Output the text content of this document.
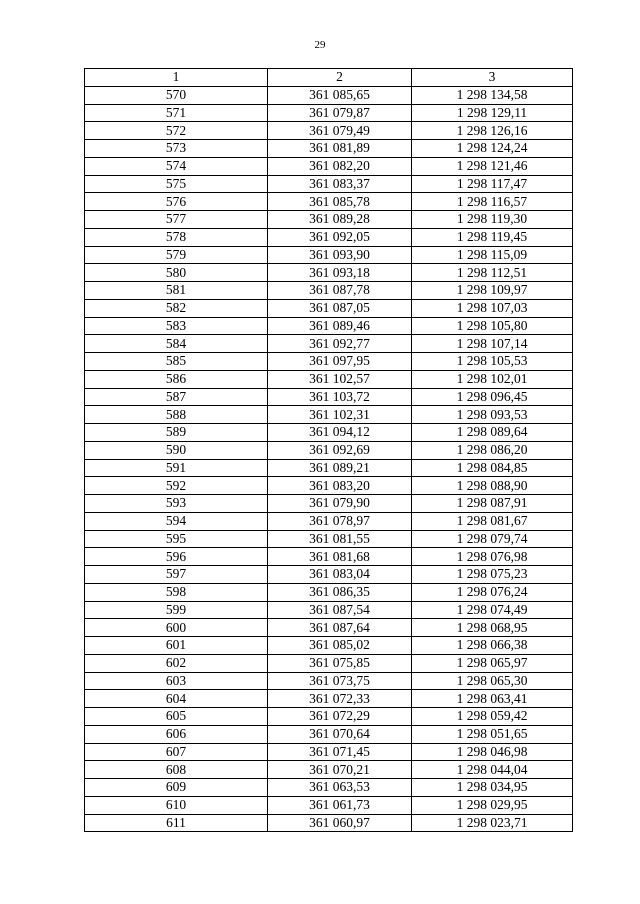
29
1	2	3
570	361 085,65	1 298 134,58
571	361 079,87	1 298 129,11
572	361 079,49	1 298 126,16
573	361 081,89	1 298 124,24
574	361 082,20	1 298 121,46
575	361 083,37	1 298 117,47
576	361 085,78	1 298 116,57
577	361 089,28	1 298 119,30
578	361 092,05	1 298 119,45
579	361 093,90	1 298 115,09
580	361 093,18	1 298 112,51
581	361 087,78	1 298 109,97
582	361 087,05	1 298 107,03
583	361 089,46	1 298 105,80
584	361 092,77	1 298 107,14
585	361 097,95	1 298 105,53
586	361 102,57	1 298 102,01
587	361 103,72	1 298 096,45
588	361 102,31	1 298 093,53
589	361 094,12	1 298 089,64
590	361 092,69	1 298 086,20
591	361 089,21	1 298 084,85
592	361 083,20	1 298 088,90
593	361 079,90	1 298 087,91
594	361 078,97	1 298 081,67
595	361 081,55	1 298 079,74
596	361 081,68	1 298 076,98
597	361 083,04	1 298 075,23
598	361 086,35	1 298 076,24
599	361 087,54	1 298 074,49
600	361 087,64	1 298 068,95
601	361 085,02	1 298 066,38
602	361 075,85	1 298 065,97
603	361 073,75	1 298 065,30
604	361 072,33	1 298 063,41
605	361 072,29	1 298 059,42
606	361 070,64	1 298 051,65
607	361 071,45	1 298 046,98
608	361 070,21	1 298 044,04
609	361 063,53	1 298 034,95
610	361 061,73	1 298 029,95
611	361 060,97	1 298 023,71
